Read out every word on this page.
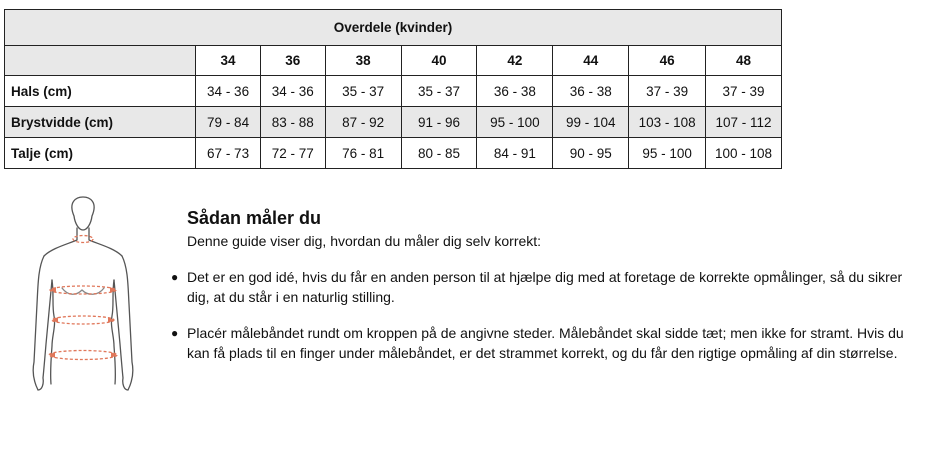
Overdele (kvinder)								
	34	36	38	40	42	44	46	48
Hals (cm)	34 - 36	34 - 36	35 - 37	35 - 37	36 - 38	36 - 38	37 - 39	37 - 39
Brystvidde (cm)	79 - 84	83 - 88	87 - 92	91 - 96	95 - 100	99 - 104	103 - 108	107 - 112
Talje (cm)	67 - 73	72 - 77	76 - 81	80 - 85	84 - 91	90 - 95	95 - 100	100 - 108
Sådan måler du

Denne guide viser dig, hvordan du måler dig selv korrekt:

● Det er en god idé, hvis du får en anden person til at hjælpe dig med at foretage de korrekte opmålinger, så du sikrer dig, at du står i en naturlig stilling.
● Placér målebåndet rundt om kroppen på de angivne steder. Målebåndet skal sidde tæt; men ikke for stramt. Hvis du kan få plads til en finger under målebåndet, er det strammet korrekt, og du får den rigtige opmåling af din størrelse.
